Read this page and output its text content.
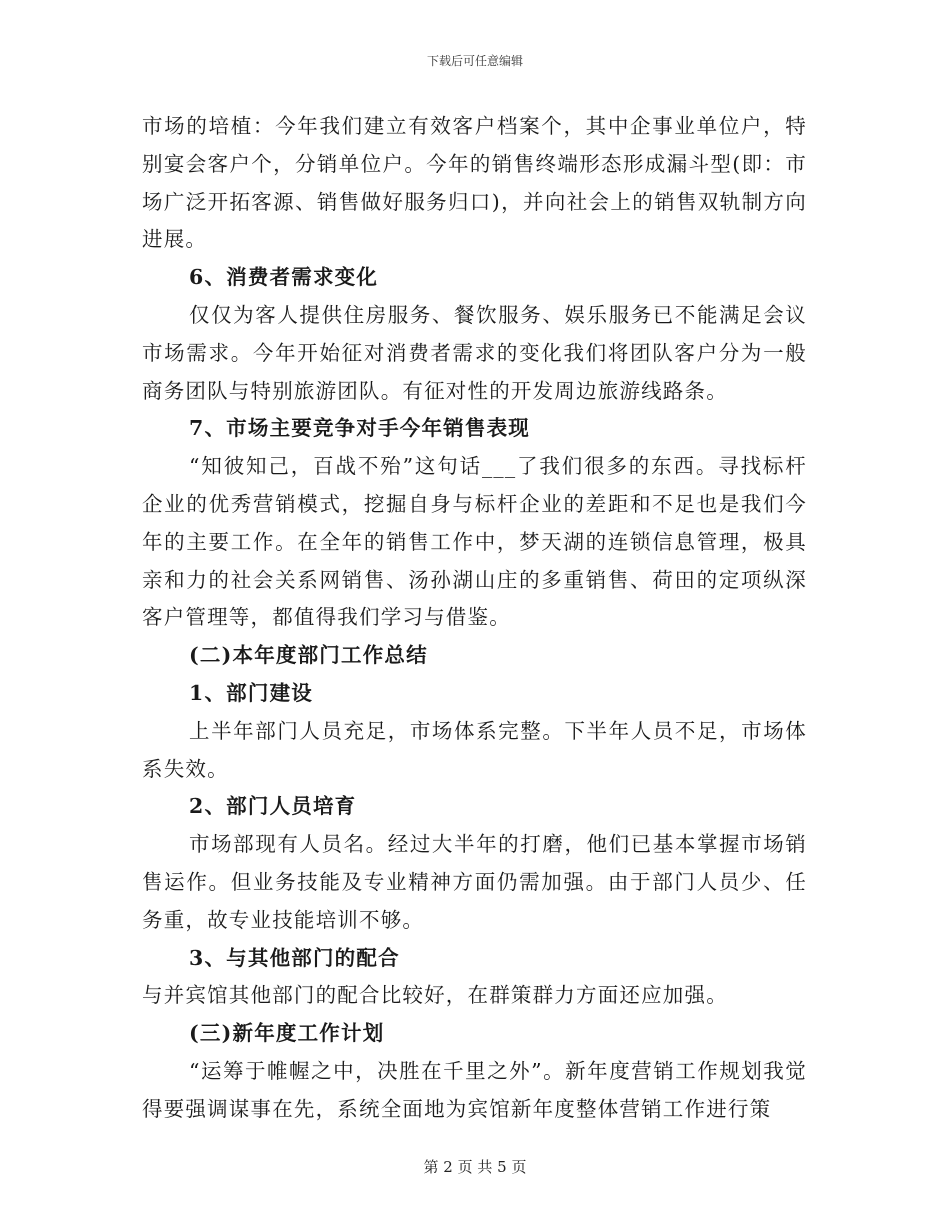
下载后可任意编辑

市场的培植：今年我们建立有效客户档案个，其中企事业单位户，特别宴会客户个，分销单位户。今年的销售终端形态形成漏斗型(即：市场广泛开拓客源、销售做好服务归口)，并向社会上的销售双轨制方向进展。

6、消费者需求变化

仅仅为客人提供住房服务、餐饮服务、娱乐服务已不能满足会议市场需求。今年开始征对消费者需求的变化我们将团队客户分为一般商务团队与特别旅游团队。有征对性的开发周边旅游线路条。

7、市场主要竞争对手今年销售表现

“知彼知己，百战不殆”这句话___了我们很多的东西。寻找标杆企业的优秀营销模式，挖掘自身与标杆企业的差距和不足也是我们今年的主要工作。在全年的销售工作中，梦天湖的连锁信息管理，极具亲和力的社会关系网销售、汤孙湖山庄的多重销售、荷田的定项纵深客户管理等，都值得我们学习与借鉴。

(二)本年度部门工作总结

1、部门建设

上半年部门人员充足，市场体系完整。下半年人员不足，市场体系失效。

2、部门人员培育

市场部现有人员名。经过大半年的打磨，他们已基本掌握市场销售运作。但业务技能及专业精神方面仍需加强。由于部门人员少、任务重，故专业技能培训不够。

3、与其他部门的配合

与并宾馆其他部门的配合比较好，在群策群力方面还应加强。

(三)新年度工作计划

“运筹于帷幄之中，决胜在千里之外”。新年度营销工作规划我觉得要强调谋事在先，系统全面地为宾馆新年度整体营销工作进行策

第 2 页 共 5 页
